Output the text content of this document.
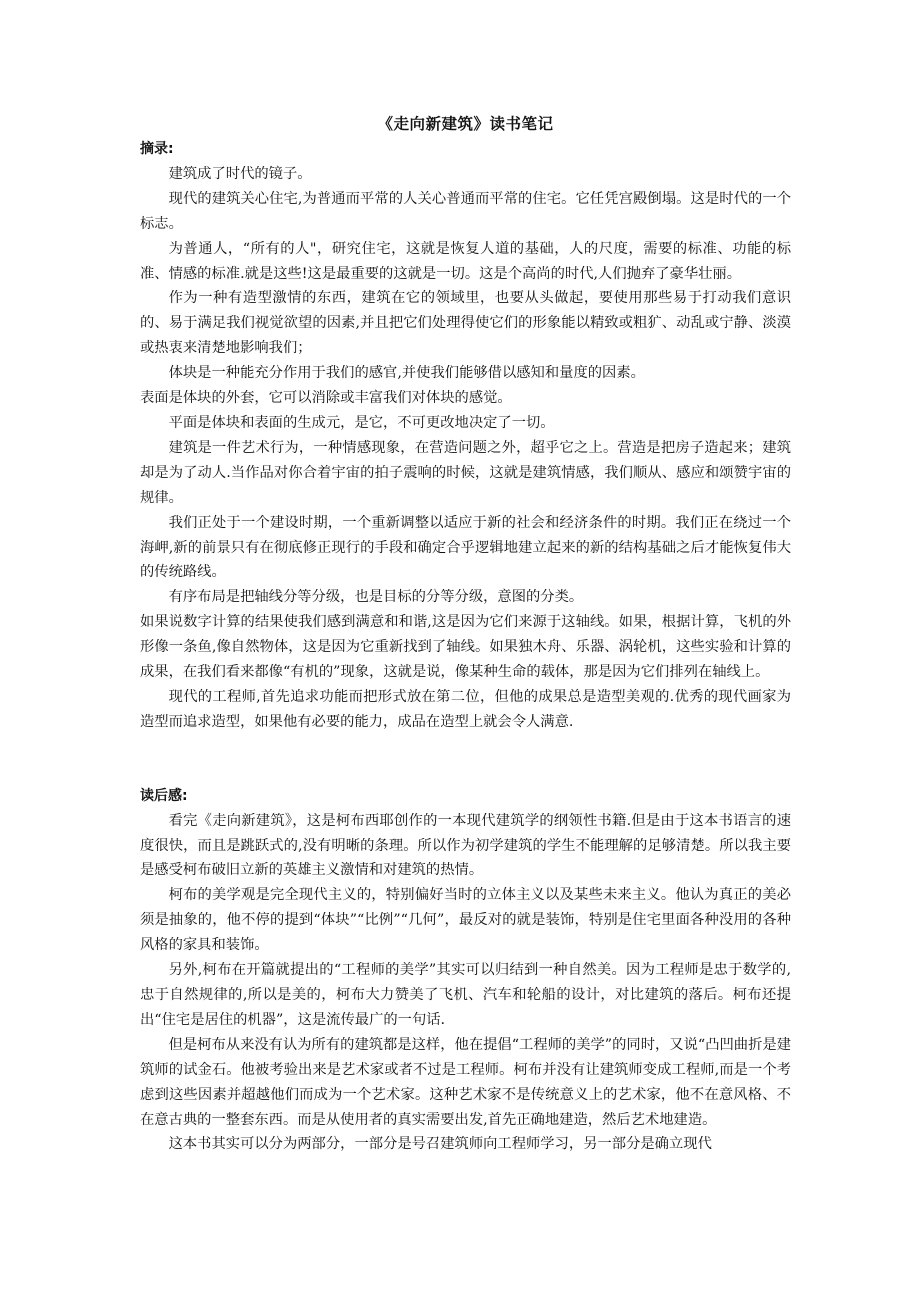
《走向新建筑》读书笔记
摘录:

建筑成了时代的镜子。

现代的建筑关心住宅,为普通而平常的人关心普通而平常的住宅。它任凭宫殿倒塌。这是时代的一个标志。

为普通人，“所有的人"，研究住宅，这就是恢复人道的基础，人的尺度，需要的标准、功能的标准、情感的标准.就是这些!这是最重要的这就是一切。这是个高尚的时代,人们抛弃了豪华壮丽。

作为一种有造型激情的东西，建筑在它的领域里，也要从头做起，要使用那些易于打动我们意识的、易于满足我们视觉欲望的因素,并且把它们处理得使它们的形象能以精致或粗犷、动乱或宁静、淡漠或热衷来清楚地影响我们；

体块是一种能充分作用于我们的感官,并使我们能够借以感知和量度的因素。

表面是体块的外套，它可以消除或丰富我们对体块的感觉。

平面是体块和表面的生成元，是它，不可更改地决定了一切。

建筑是一件艺术行为，一种情感现象，在营造问题之外，超乎它之上。营造是把房子造起来；建筑却是为了动人.当作品对你合着宇宙的拍子震响的时候，这就是建筑情感，我们顺从、感应和颂赞宇宙的规律。

我们正处于一个建设时期，一个重新调整以适应于新的社会和经济条件的时期。我们正在绕过一个海岬,新的前景只有在彻底修正现行的手段和确定合乎逻辑地建立起来的新的结构基础之后才能恢复伟大的传统路线。

有序布局是把轴线分等分级，也是目标的分等分级，意图的分类。

如果说数字计算的结果使我们感到满意和和谐,这是因为它们来源于这轴线。如果，根据计算，飞机的外形像一条鱼,像自然物体，这是因为它重新找到了轴线。如果独木舟、乐器、涡轮机，这些实验和计算的成果，在我们看来都像“有机的”现象，这就是说，像某种生命的载体，那是因为它们排列在轴线上。

现代的工程师,首先追求功能而把形式放在第二位，但他的成果总是造型美观的.优秀的现代画家为造型而追求造型，如果他有必要的能力，成品在造型上就会令人满意.

读后感:

看完《走向新建筑》，这是柯布西耶创作的一本现代建筑学的纲领性书籍.但是由于这本书语言的速度很快，而且是跳跃式的,没有明晰的条理。所以作为初学建筑的学生不能理解的足够清楚。所以我主要是感受柯布破旧立新的英雄主义激情和对建筑的热情。

柯布的美学观是完全现代主义的，特别偏好当时的立体主义以及某些未来主义。他认为真正的美必须是抽象的，他不停的提到“体块”“比例”“几何”，最反对的就是装饰，特别是住宅里面各种没用的各种风格的家具和装饰。

另外,柯布在开篇就提出的“工程师的美学”其实可以归结到一种自然美。因为工程师是忠于数学的,忠于自然规律的,所以是美的，柯布大力赞美了飞机、汽车和轮船的设计，对比建筑的落后。柯布还提出“住宅是居住的机器”，这是流传最广的一句话.

但是柯布从来没有认为所有的建筑都是这样，他在提倡“工程师的美学”的同时，又说“凸凹曲折是建筑师的试金石。他被考验出来是艺术家或者不过是工程师。柯布并没有让建筑师变成工程师,而是一个考虑到这些因素并超越他们而成为一个艺术家。这种艺术家不是传统意义上的艺术家，他不在意风格、不在意古典的一整套东西。而是从使用者的真实需要出发,首先正确地建造，然后艺术地建造。

这本书其实可以分为两部分，一部分是号召建筑师向工程师学习，另一部分是确立现代
